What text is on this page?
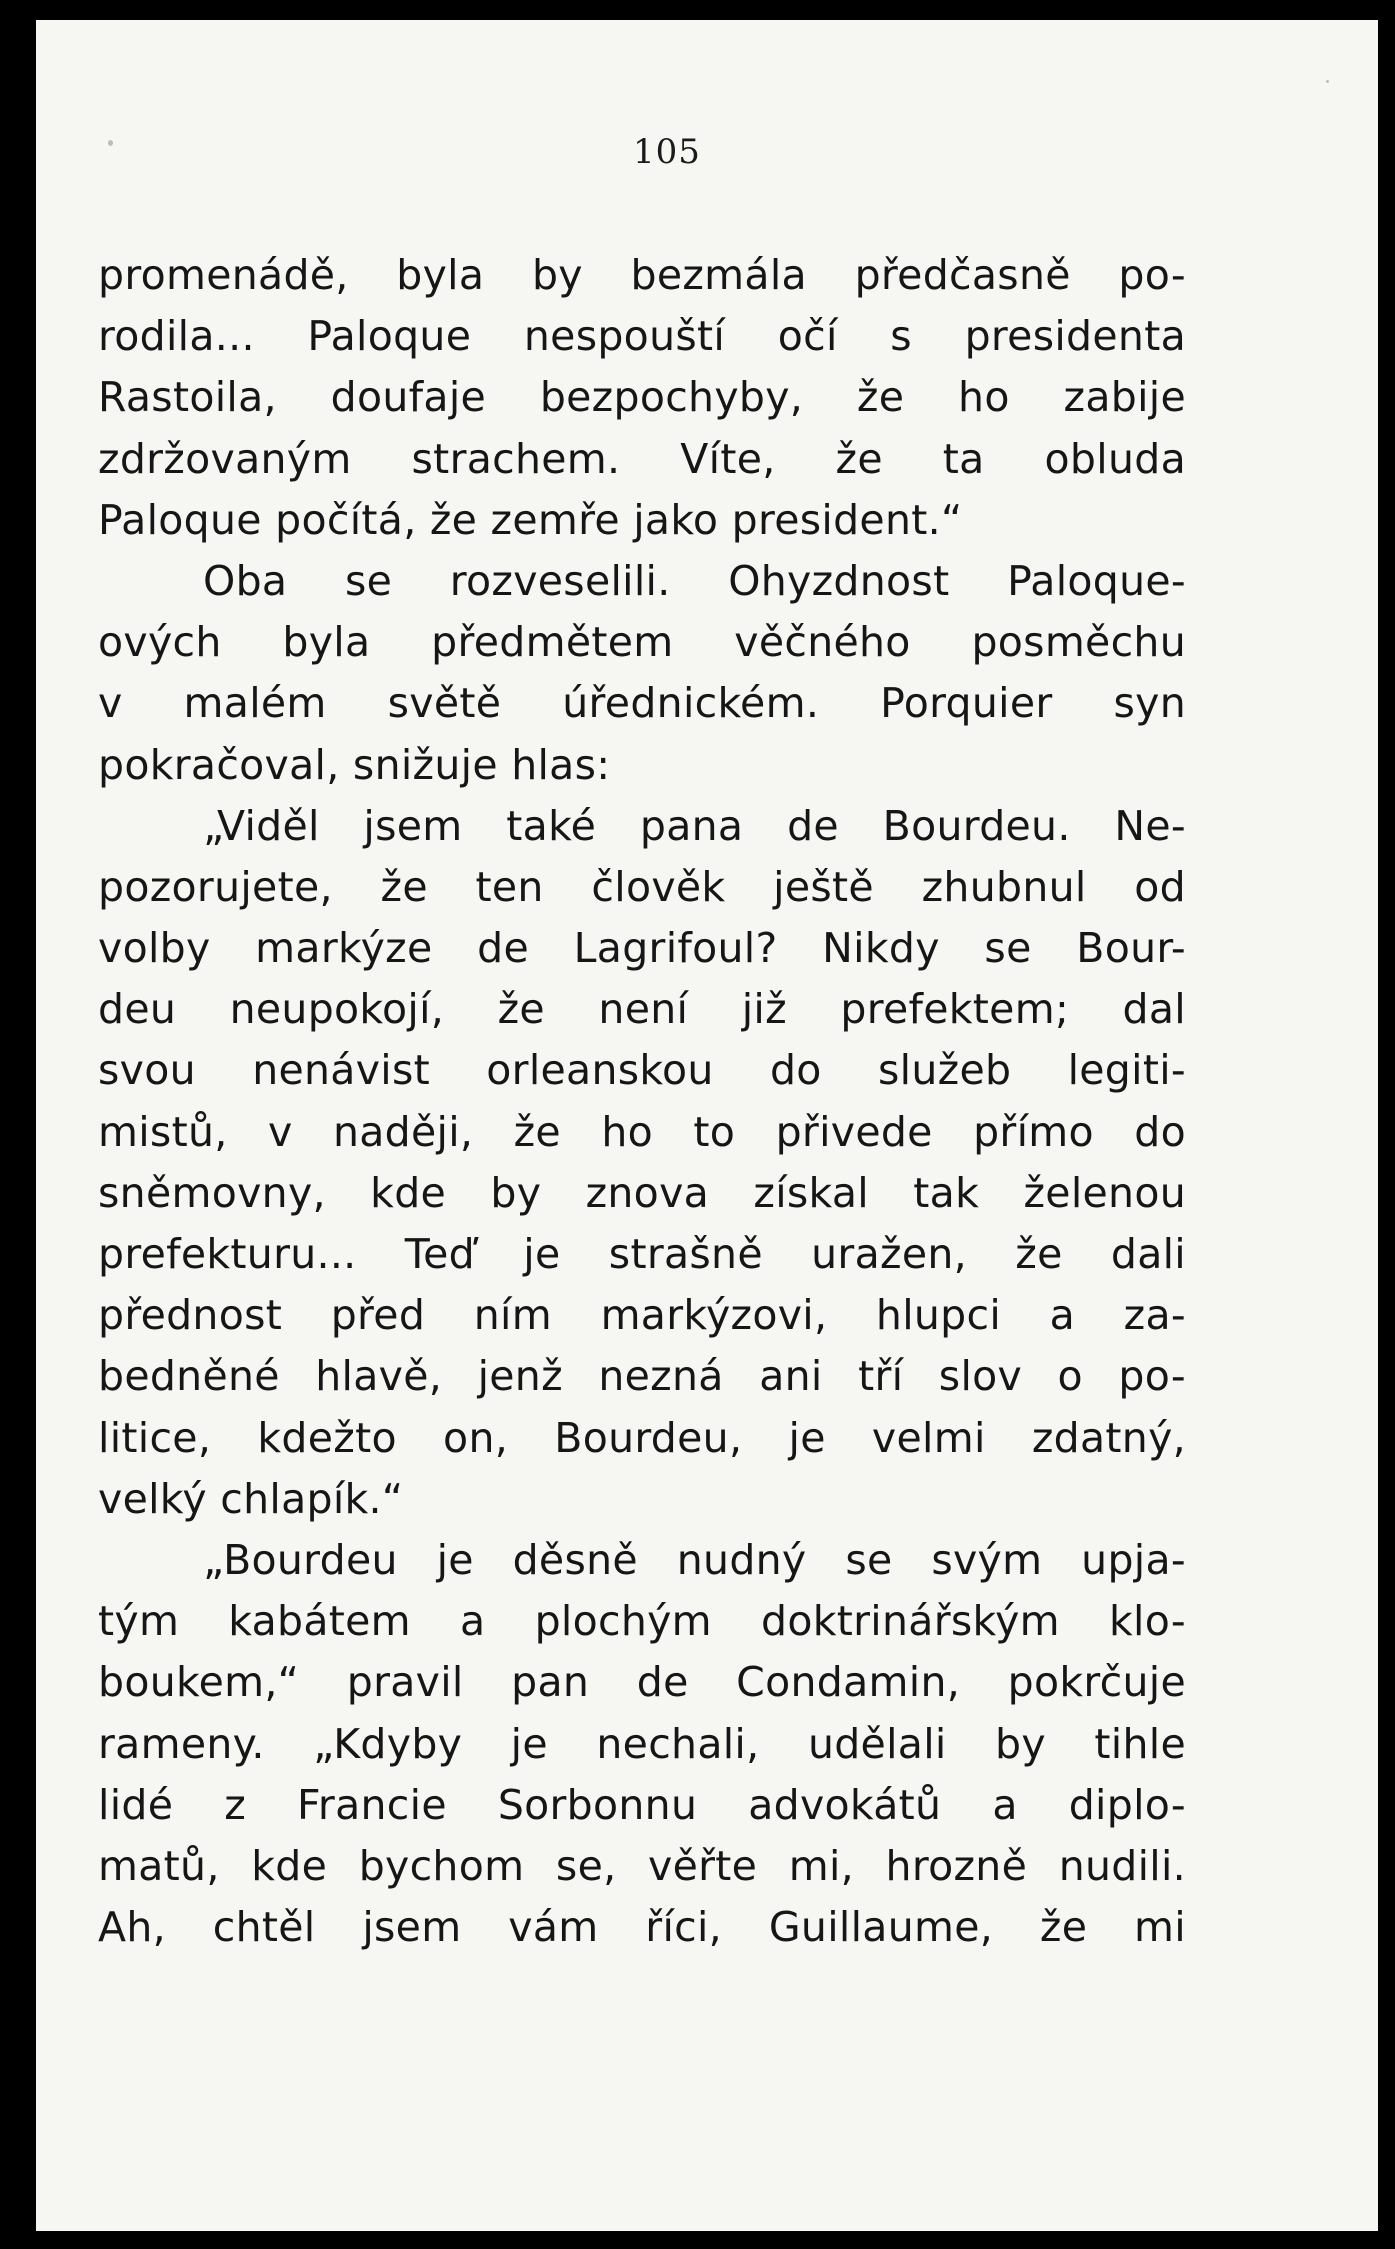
105
promenádě, byla by bezmála předčasně po-
rodila... Paloque nespouští očí s presidenta
Rastoila, doufaje bezpochyby, že ho zabije
zdržovaným strachem. Víte, že ta obluda
Paloque počítá, že zemře jako president.“
Oba se rozveselili. Ohyzdnost Paloque-
ových byla předmětem věčného posměchu
v malém světě úřednickém. Porquier syn
pokračoval, snižuje hlas:
„Viděl jsem také pana de Bourdeu. Ne-
pozorujete, že ten člověk ještě zhubnul od
volby markýze de Lagrifoul? Nikdy se Bour-
deu neupokojí, že není již prefektem; dal
svou nenávist orleanskou do služeb legiti-
mistů, v naději, že ho to přivede přímo do
sněmovny, kde by znova získal tak želenou
prefekturu... Teď je strašně uražen, že dali
přednost před ním markýzovi, hlupci a za-
bedněné hlavě, jenž nezná ani tří slov o po-
litice, kdežto on, Bourdeu, je velmi zdatný,
velký chlapík.“
„Bourdeu je děsně nudný se svým upja-
tým kabátem a plochým doktrinářským klo-
boukem,“ pravil pan de Condamin, pokrčuje
rameny. „Kdyby je nechali, udělali by tihle
lidé z Francie Sorbonnu advokátů a diplo-
matů, kde bychom se, věřte mi, hrozně nudili.
Ah, chtěl jsem vám říci, Guillaume, že mi
